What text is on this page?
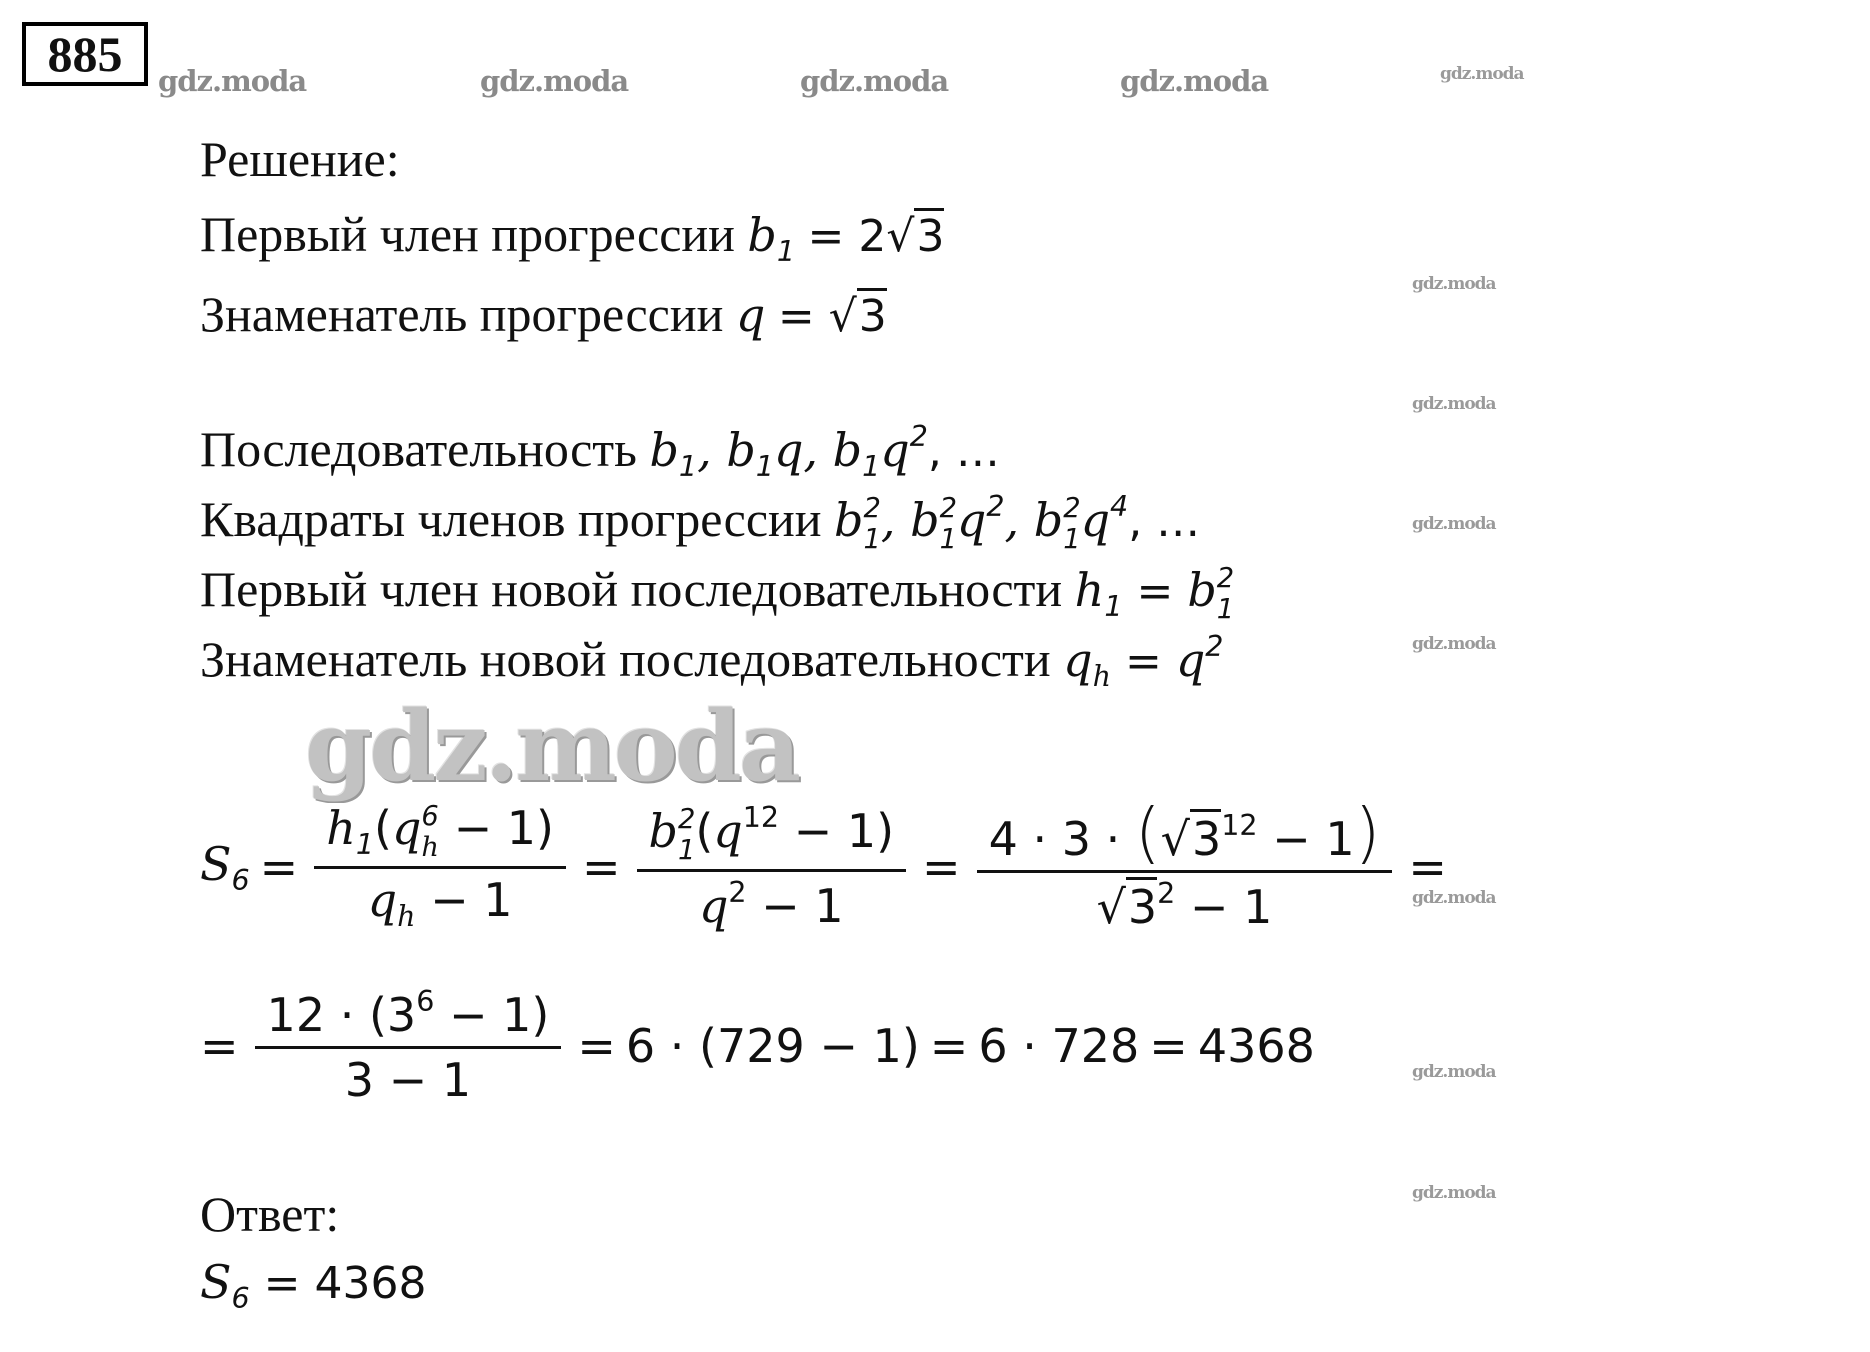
885	gdz.moda	gdz.moda	gdz.moda	gdz.moda	gdz.moda
gdz.moda
gdz.moda
gdz.moda
gdz.moda
gdz.moda
gdz.moda
gdz.moda
gdz.moda
Решение:
Первый член прогрессии $b_1 = 2√3$
Знаменатель прогрессии q = √3
Последовательность $b_1$, $b_1q$, $b_1q^2$, …
Квадраты членов прогрессии b 2
1 , b 2
1 $q^2$, b 2
1 $q^4$, …
Первый член новой последовательности $h_1 = b$ 2
1
Знаменатель новой последовательности $q_h = q^2$
$S_6 = h_1(q$ 6
h − 1)
$q_h - 1 = b$ 2
1 $(q^{12} - 1)$
$q^2 - 1 = \frac{4 \cdot 3 \cdot (√3^{12} - 1)}{√3^2 - 1}$ =
= $\frac{12 \cdot (3^6 - 1)}{3 - 1} = 6 \cdot (729 - 1) = 6 \cdot 728 = 4368$
Ответ:
$S_6 = 4368$
